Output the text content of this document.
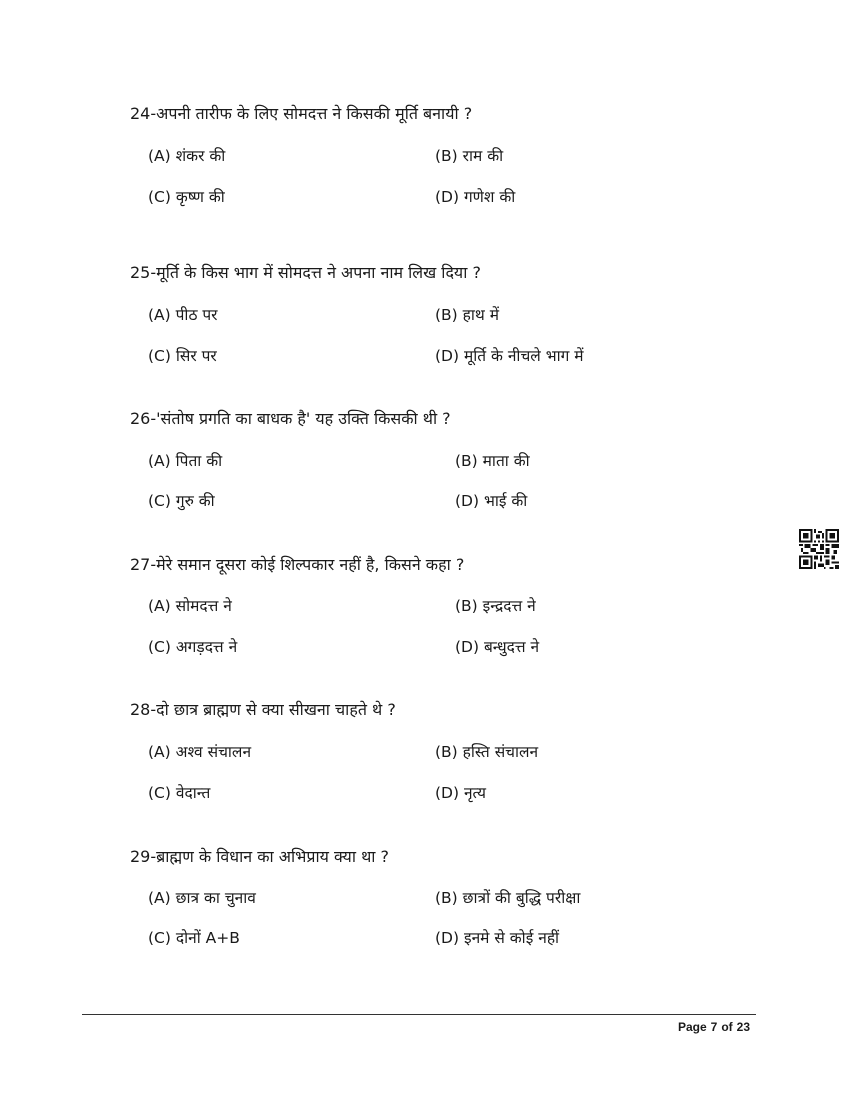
24-अपनी तारीफ के लिए सोमदत्त ने किसकी मूर्ति बनायी ?
(A) शंकर की	(B) राम की
(C) कृष्ण की	(D) गणेश की
25-मूर्ति के किस भाग में सोमदत्त ने अपना नाम लिख दिया ?
(A) पीठ पर	(B) हाथ में
(C) सिर पर	(D) मूर्ति के नीचले भाग में
26-'संतोष प्रगति का बाधक है' यह उक्ति किसकी थी ?
(A) पिता की	(B) माता की
(C) गुरु की	(D) भाई की
27-मेरे समान दूसरा कोई शिल्पकार नहीं है, किसने कहा ?
(A) सोमदत्त ने	(B) इन्द्रदत्त ने
(C) अगड़दत्त ने	(D) बन्धुदत्त ने
28-दो छात्र ब्राह्मण से क्या सीखना चाहते थे ?
(A) अश्व संचालन	(B) हस्ति संचालन
(C) वेदान्त	(D) नृत्य
29-ब्राह्मण के विधान का अभिप्राय क्या था ?
(A) छात्र का चुनाव	(B) छात्रों की बुद्धि परीक्षा
(C) दोनों A+B	(D) इनमे से कोई नहीं
Page 7 of 23
